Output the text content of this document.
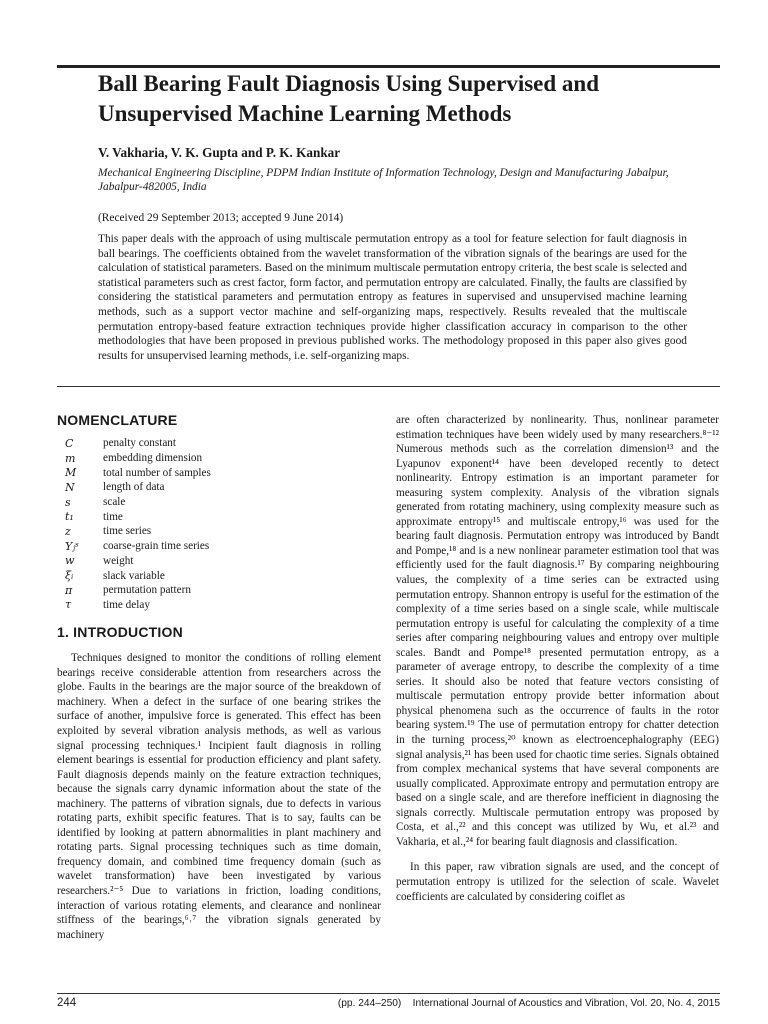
Ball Bearing Fault Diagnosis Using Supervised and Unsupervised Machine Learning Methods
V. Vakharia, V. K. Gupta and P. K. Kankar
Mechanical Engineering Discipline, PDPM Indian Institute of Information Technology, Design and Manufacturing Jabalpur, Jabalpur-482005, India
(Received 29 September 2013; accepted 9 June 2014)
This paper deals with the approach of using multiscale permutation entropy as a tool for feature selection for fault diagnosis in ball bearings. The coefficients obtained from the wavelet transformation of the vibration signals of the bearings are used for the calculation of statistical parameters. Based on the minimum multiscale permutation entropy criteria, the best scale is selected and statistical parameters such as crest factor, form factor, and permutation entropy are calculated. Finally, the faults are classified by considering the statistical parameters and permutation entropy as features in supervised and unsupervised machine learning methods, such as a support vector machine and self-organizing maps, respectively. Results revealed that the multiscale permutation entropy-based feature extraction techniques provide higher classification accuracy in comparison to the other methodologies that have been proposed in previous published works. The methodology proposed in this paper also gives good results for unsupervised learning methods, i.e. self-organizing maps.
NOMENCLATURE
C	penalty constant
m	embedding dimension
M	total number of samples
N	length of data
s	scale
t₁	time
z	time series
Yⱼˢ	coarse-grain time series
w	weight
ξᵢ	slack variable
π	permutation pattern
τ	time delay
1. INTRODUCTION
Techniques designed to monitor the conditions of rolling element bearings receive considerable attention from researchers across the globe. Faults in the bearings are the major source of the breakdown of machinery. When a defect in the surface of one bearing strikes the surface of another, impulsive force is generated. This effect has been exploited by several vibration analysis methods, as well as various signal processing techniques.¹ Incipient fault diagnosis in rolling element bearings is essential for production efficiency and plant safety. Fault diagnosis depends mainly on the feature extraction techniques, because the signals carry dynamic information about the state of the machinery. The patterns of vibration signals, due to defects in various rotating parts, exhibit specific features. That is to say, faults can be identified by looking at pattern abnormalities in plant machinery and rotating parts. Signal processing techniques such as time domain, frequency domain, and combined time frequency domain (such as wavelet transformation) have been investigated by various researchers.²⁻⁵ Due to variations in friction, loading conditions, interaction of various rotating elements, and clearance and nonlinear stiffness of the bearings,⁶˒⁷ the vibration signals generated by machinery
are often characterized by nonlinearity. Thus, nonlinear parameter estimation techniques have been widely used by many researchers.⁸⁻¹² Numerous methods such as the correlation dimension¹³ and the Lyapunov exponent¹⁴ have been developed recently to detect nonlinearity. Entropy estimation is an important parameter for measuring system complexity. Analysis of the vibration signals generated from rotating machinery, using complexity measure such as approximate entropy¹⁵ and multiscale entropy,¹⁶ was used for the bearing fault diagnosis. Permutation entropy was introduced by Bandt and Pompe,¹⁸ and is a new nonlinear parameter estimation tool that was efficiently used for the fault diagnosis.¹⁷ By comparing neighbouring values, the complexity of a time series can be extracted using permutation entropy. Shannon entropy is useful for the estimation of the complexity of a time series based on a single scale, while multiscale permutation entropy is useful for calculating the complexity of a time series after comparing neighbouring values and entropy over multiple scales. Bandt and Pompe¹⁸ presented permutation entropy, as a parameter of average entropy, to describe the complexity of a time series. It should also be noted that feature vectors consisting of multiscale permutation entropy provide better information about physical phenomena such as the occurrence of faults in the rotor bearing system.¹⁹ The use of permutation entropy for chatter detection in the turning process,²⁰ known as electroencephalography (EEG) signal analysis,²¹ has been used for chaotic time series. Signals obtained from complex mechanical systems that have several components are usually complicated. Approximate entropy and permutation entropy are based on a single scale, and are therefore inefficient in diagnosing the signals correctly. Multiscale permutation entropy was proposed by Costa, et al.,²² and this concept was utilized by Wu, et al.²³ and Vakharia, et al.,²⁴ for bearing fault diagnosis and classification.
In this paper, raw vibration signals are used, and the concept of permutation entropy is utilized for the selection of scale. Wavelet coefficients are calculated by considering coiflet as
244	(pp. 244–250) International Journal of Acoustics and Vibration, Vol. 20, No. 4, 2015
